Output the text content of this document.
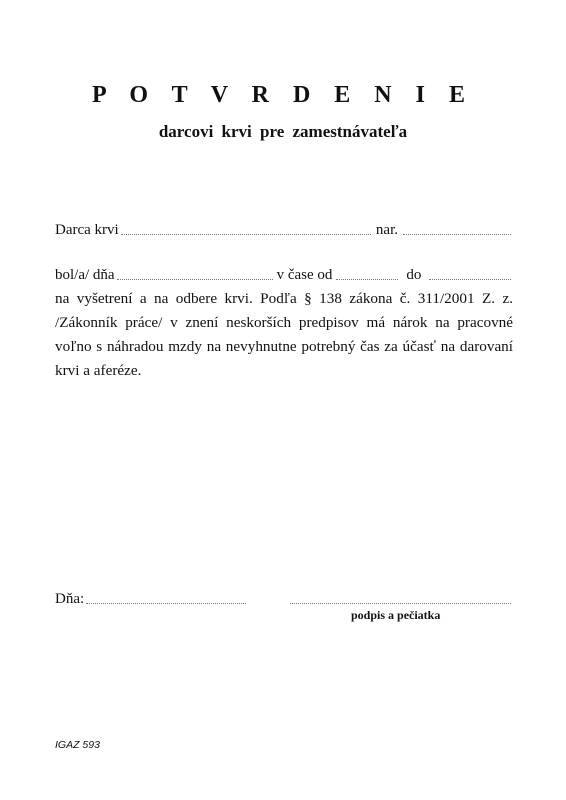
P O T V R D E N I E
darcovi krvi pre zamestnávateľa
Darca krvi	nar.
bol/a/ dňa	v čase od	do
na vyšetrení a na odbere krvi. Podľa § 138 zákona č. 311/2001 Z. z. /Zákonník práce/ v znení neskorších predpisov má nárok na pracovné voľno s náhradou mzdy na nevyhnutne potrebný čas za účasť na darovaní krvi a aferéze.
Dňa:
podpis a pečiatka
IGAZ 593
